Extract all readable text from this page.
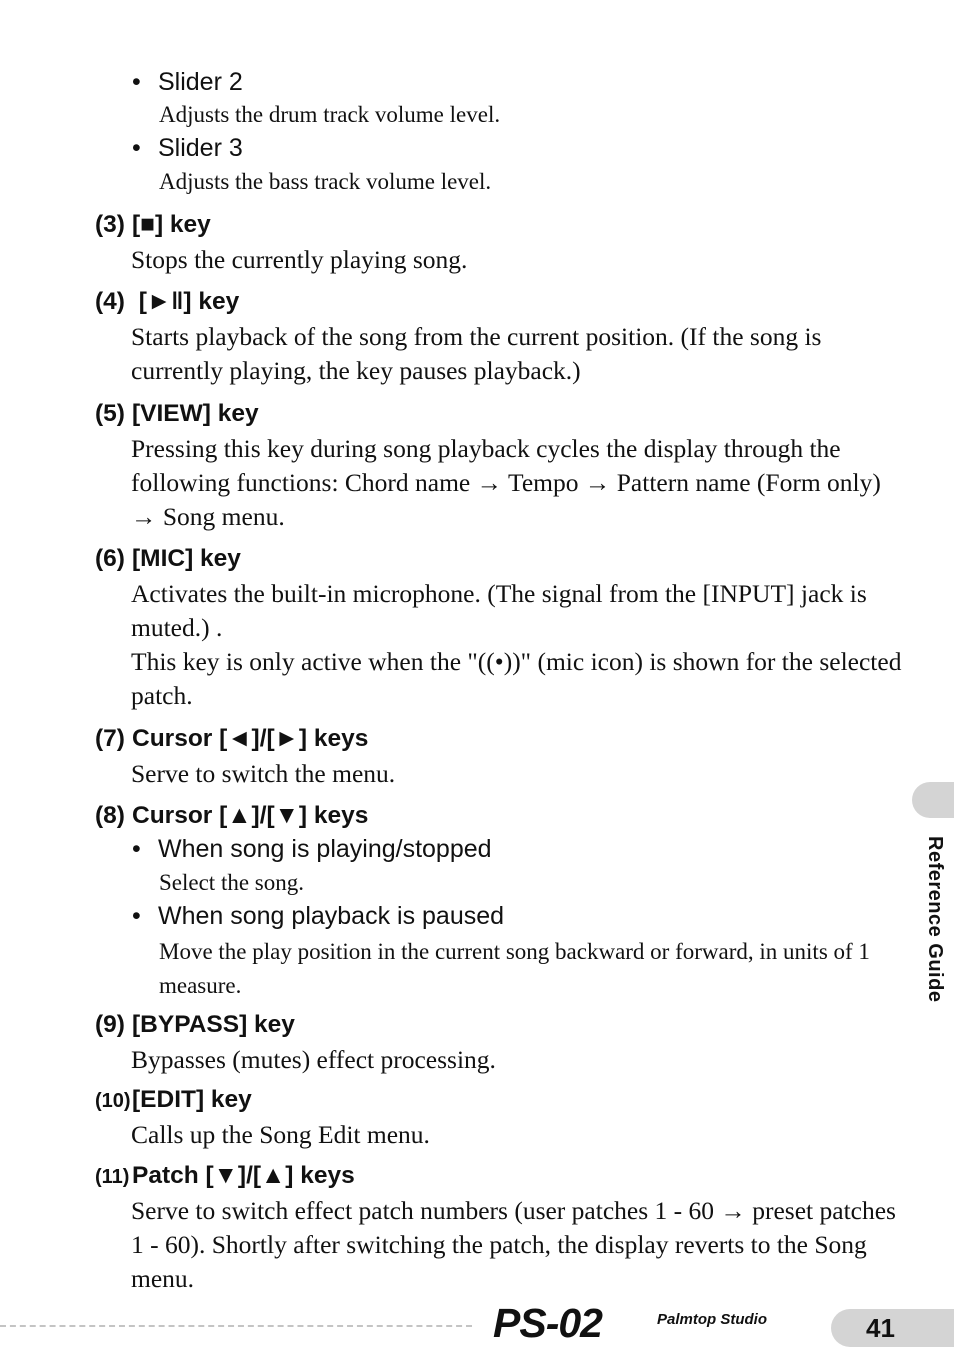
• Slider 2
Adjusts the drum track volume level.
• Slider 3
Adjusts the bass track volume level.
(3) [■] key
Stops the currently playing song.
(4) [►‖] key
Starts playback of the song from the current position. (If the song is currently playing, the key pauses playback.)
(5) [VIEW] key
Pressing this key during song playback cycles the display through the following functions: Chord name → Tempo → Pattern name (Form only) → Song menu.
(6) [MIC] key
Activates the built-in microphone. (The signal from the [INPUT] jack is muted.) .
This key is only active when the "((•))" (mic icon) is shown for the selected patch.
(7) Cursor [◄]/[►] keys
Serve to switch the menu.
(8) Cursor [▲]/[▼] keys
• When song is playing/stopped
Select the song.
• When song playback is paused
Move the play position in the current song backward or forward, in units of 1 measure.
(9) [BYPASS] key
Bypasses (mutes) effect processing.
(10)[EDIT] key
Calls up the Song Edit menu.
(11) Patch [▼]/[▲] keys
Serve to switch effect patch numbers (user patches 1 - 60 → preset patches 1 - 60). Shortly after switching the patch, the display reverts to the Song menu.
Reference Guide
PS-02	Palmtop Studio	41
